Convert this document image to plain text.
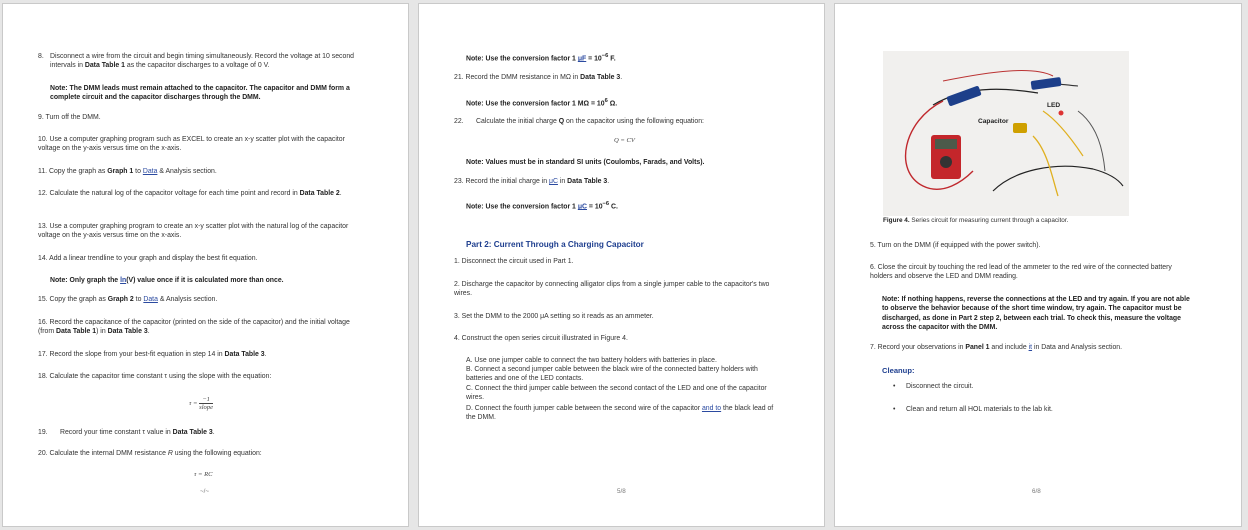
8. Disconnect a wire from the circuit and begin timing simultaneously. Record the voltage at 10 second intervals in Data Table 1 as the capacitor discharges to a voltage of 0 V.
Note: The DMM leads must remain attached to the capacitor. The capacitor and DMM form a complete circuit and the capacitor discharges through the DMM.
9. Turn off the DMM.
10. Use a computer graphing program such as EXCEL to create an x-y scatter plot with the capacitor voltage on the y-axis versus time on the x-axis.
11. Copy the graph as Graph 1 to Data & Analysis section.
12. Calculate the natural log of the capacitor voltage for each time point and record in Data Table 2.
13. Use a computer graphing program to create an x-y scatter plot with the natural log of the capacitor voltage on the y-axis versus time on the x-axis.
14. Add a linear trendline to your graph and display the best fit equation.
Note: Only graph the ln(V) value once if it is calculated more than once.
15. Copy the graph as Graph 2 to Data & Analysis section.
16. Record the capacitance of the capacitor (printed on the side of the capacitor) and the initial voltage (from Data Table 1) in Data Table 3.
17. Record the slope from your best-fit equation in step 14 in Data Table 3.
18. Calculate the capacitor time constant τ using the slope with the equation:
$\tau = \frac{-1}{\text{slope}}$
19. Record your time constant τ value in Data Table 3.
20. Calculate the internal DMM resistance R using the following equation:
τ = RC
~/~
Note: Use the conversion factor 1 $\mu F = 10^{-6}$ F.
21. Record the DMM resistance in MΩ in Data Table 3.
Note: Use the conversion factor 1 $M\Omega = 10^6$ Ω.
22. Calculate the initial charge Q on the capacitor using the following equation:
Q = CV
Note: Values must be in standard SI units (Coulombs, Farads, and Volts).
23. Record the initial charge in μC in Data Table 3.
Note: Use the conversion factor 1 $\mu C = 10^{-6}$ C.
Part 2: Current Through a Charging Capacitor
1. Disconnect the circuit used in Part 1.
2. Discharge the capacitor by connecting alligator clips from a single jumper cable to the capacitor's two wires.
3. Set the DMM to the 2000 μA setting so it reads as an ammeter.
4. Construct the open series circuit illustrated in Figure 4.
A. Use one jumper cable to connect the two battery holders with batteries in place.
B. Connect a second jumper cable between the black wire of the connected battery holders with batteries and one of the LED contacts.
C. Connect the third jumper cable between the second contact of the LED and one of the capacitor wires.
D. Connect the fourth jumper cable between the second wire of the capacitor and to the black lead of the DMM.
5/8
LED
Capacitor
Figure 4. Series circuit for measuring current through a capacitor.
5. Turn on the DMM (if equipped with the power switch).
6. Close the circuit by touching the red lead of the ammeter to the red wire of the connected battery holders and observe the LED and DMM reading.
Note: If nothing happens, reverse the connections at the LED and try again. If you are not able to observe the behavior because of the short time window, try again. The capacitor must be discharged, as done in Part 2 step 2, between each trial. To check this, measure the voltage across the capacitor with the DMM.
7. Record your observations in Panel 1 and include it in Data and Analysis section.
Cleanup:
• Disconnect the circuit.
• Clean and return all HOL materials to the lab kit.
6/8
